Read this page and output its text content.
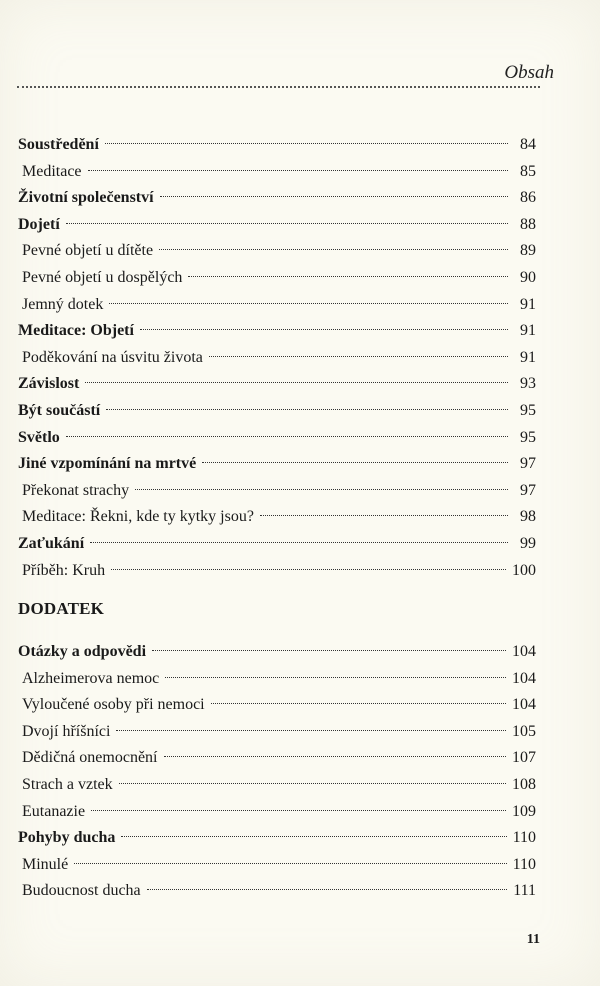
Obsah
Soustředění	84
Meditace	85
Životní společenství	86
Dojetí	88
Pevné objetí u dítěte	89
Pevné objetí u dospělých	90
Jemný dotek	91
Meditace: Objetí	91
Poděkování na úsvitu života	91
Závislost	93
Být součástí	95
Světlo	95
Jiné vzpomínání na mrtvé	97
Překonat strachy	97
Meditace: Řekni, kde ty kytky jsou?	98
Zaťukání	99
Příběh: Kruh	100
DODATEK
Otázky a odpovědi	104
Alzheimerova nemoc	104
Vyloučené osoby při nemoci	104
Dvojí hříšníci	105
Dědičná onemocnění	107
Strach a vztek	108
Eutanazie	109
Pohyby ducha	110
Minulé	110
Budoucnost ducha	111
11
